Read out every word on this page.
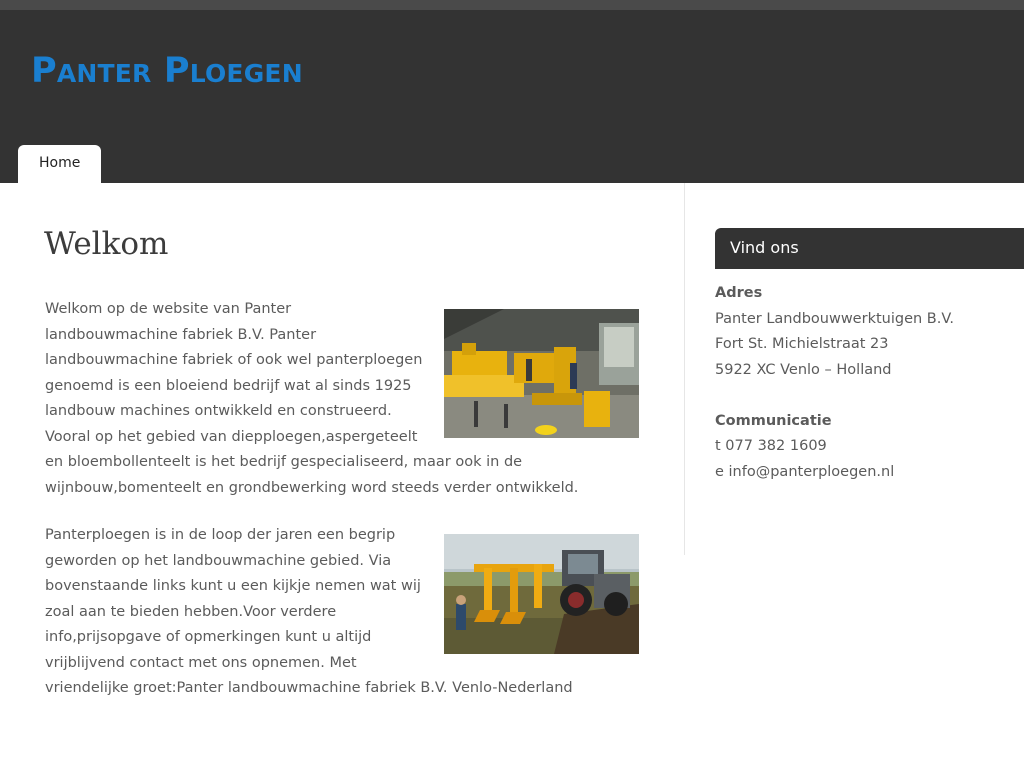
Panter Ploegen
Home
Welkom
Welkom op de website van Panter landbouwmachine fabriek B.V. Panter landbouwmachine fabriek of ook wel panterploegen genoemd is een bloeiend bedrijf wat al sinds 1925 landbouw machines ontwikkeld en construeerd. Vooral op het gebied van diepploegen,aspergeteelt en bloembollenteelt is het bedrijf gespecialiseerd, maar ook in de wijnbouw,bomenteelt en grondbewerking word steeds verder ontwikkeld.
Panterploegen is in de loop der jaren een begrip geworden op het landbouwmachine gebied. Via bovenstaande links kunt u een kijkje nemen wat wij zoal aan te bieden hebben.Voor verdere info,prijsopgave of opmerkingen kunt u altijd vrijblijvend contact met ons opnemen. Met vriendelijke groet:Panter landbouwmachine fabriek B.V. Venlo-Nederland
Vind ons
Adres
Panter Landbouwwerktuigen B.V.
Fort St. Michielstraat 23
5922 XC Venlo – Holland
Communicatie
t 077 382 1609
e info@panterploegen.nl
